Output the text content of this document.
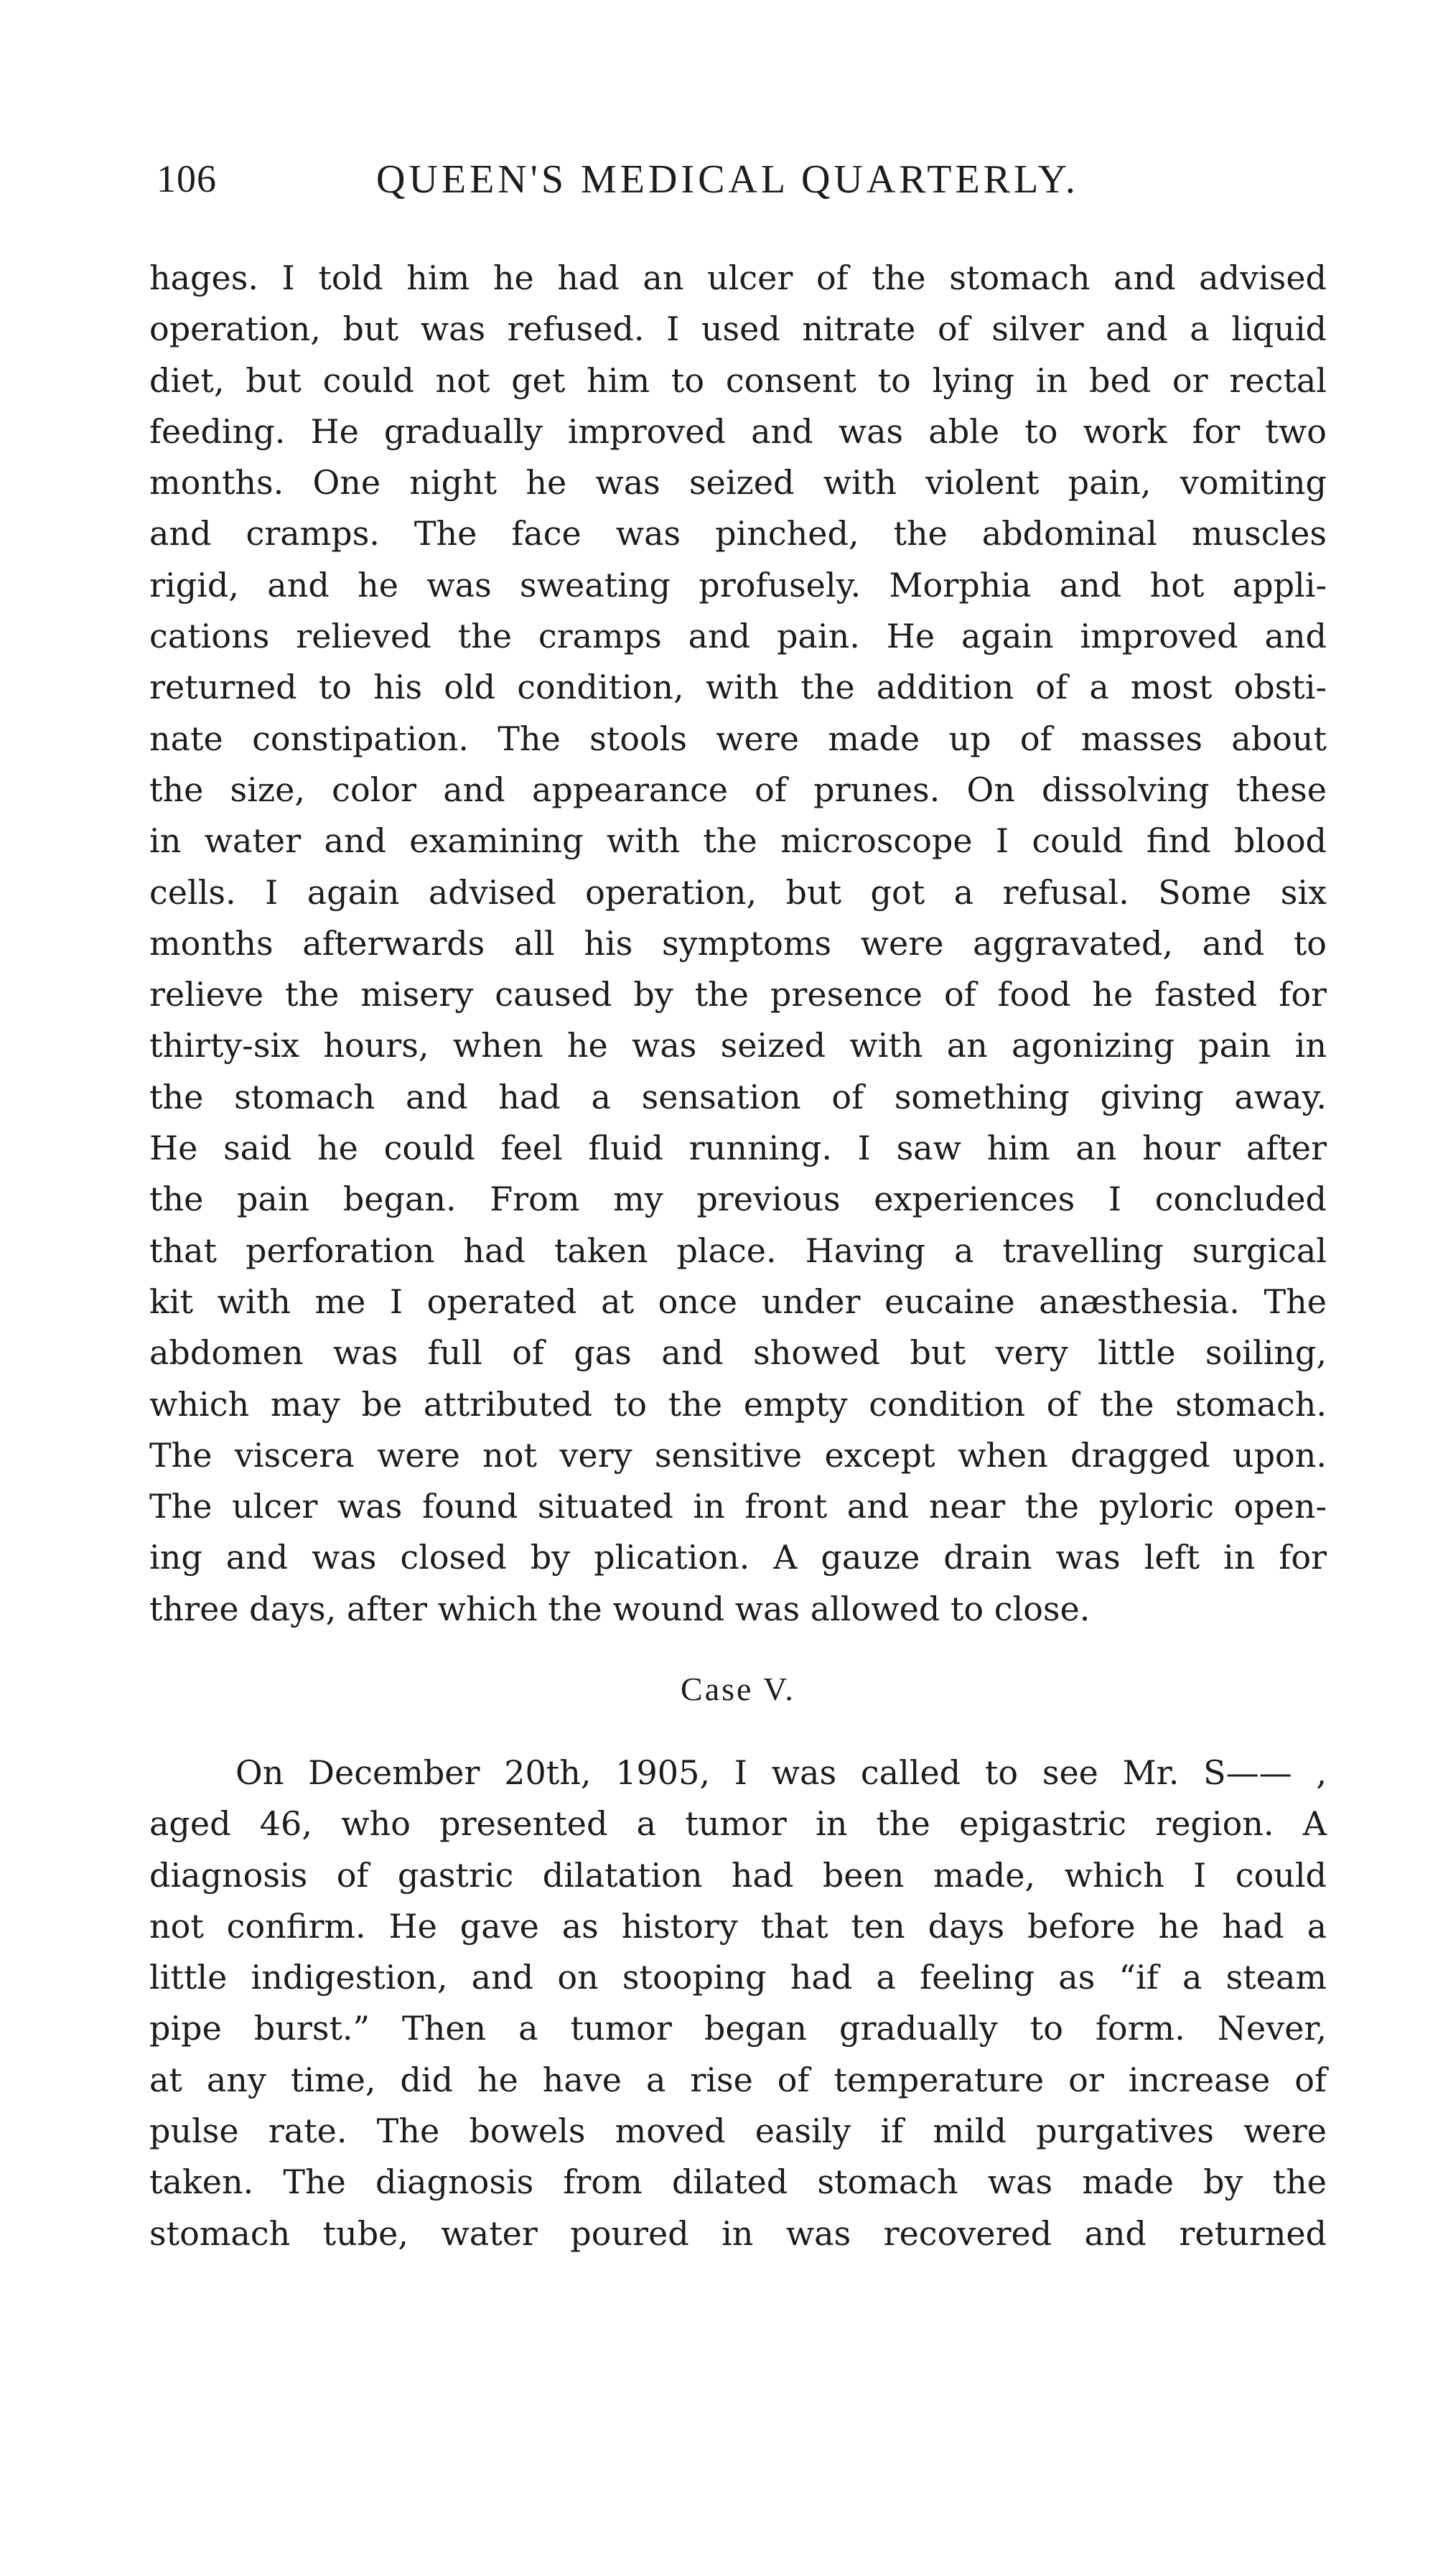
106	QUEEN'S MEDICAL QUARTERLY.
hages. I told him he had an ulcer of the stomach and advised
operation, but was refused. I used nitrate of silver and a liquid
diet, but could not get him to consent to lying in bed or rectal
feeding. He gradually improved and was able to work for two
months. One night he was seized with violent pain, vomiting
and cramps. The face was pinched, the abdominal muscles
rigid, and he was sweating profusely. Morphia and hot appli-
cations relieved the cramps and pain. He again improved and
returned to his old condition, with the addition of a most obsti-
nate constipation. The stools were made up of masses about
the size, color and appearance of prunes. On dissolving these
in water and examining with the microscope I could find blood
cells. I again advised operation, but got a refusal. Some six
months afterwards all his symptoms were aggravated, and to
relieve the misery caused by the presence of food he fasted for
thirty-six hours, when he was seized with an agonizing pain in
the stomach and had a sensation of something giving away.
He said he could feel fluid running. I saw him an hour after
the pain began. From my previous experiences I concluded
that perforation had taken place. Having a travelling surgical
kit with me I operated at once under eucaine anæsthesia. The
abdomen was full of gas and showed but very little soiling,
which may be attributed to the empty condition of the stomach.
The viscera were not very sensitive except when dragged upon.
The ulcer was found situated in front and near the pyloric open-
ing and was closed by plication. A gauze drain was left in for
three days, after which the wound was allowed to close.
Case V.
On December 20th, 1905, I was called to see Mr. S—— ,
aged 46, who presented a tumor in the epigastric region. A
diagnosis of gastric dilatation had been made, which I could
not confirm. He gave as history that ten days before he had a
little indigestion, and on stooping had a feeling as “if a steam
pipe burst.” Then a tumor began gradually to form. Never,
at any time, did he have a rise of temperature or increase of
pulse rate. The bowels moved easily if mild purgatives were
taken. The diagnosis from dilated stomach was made by the
stomach tube, water poured in was recovered and returned
